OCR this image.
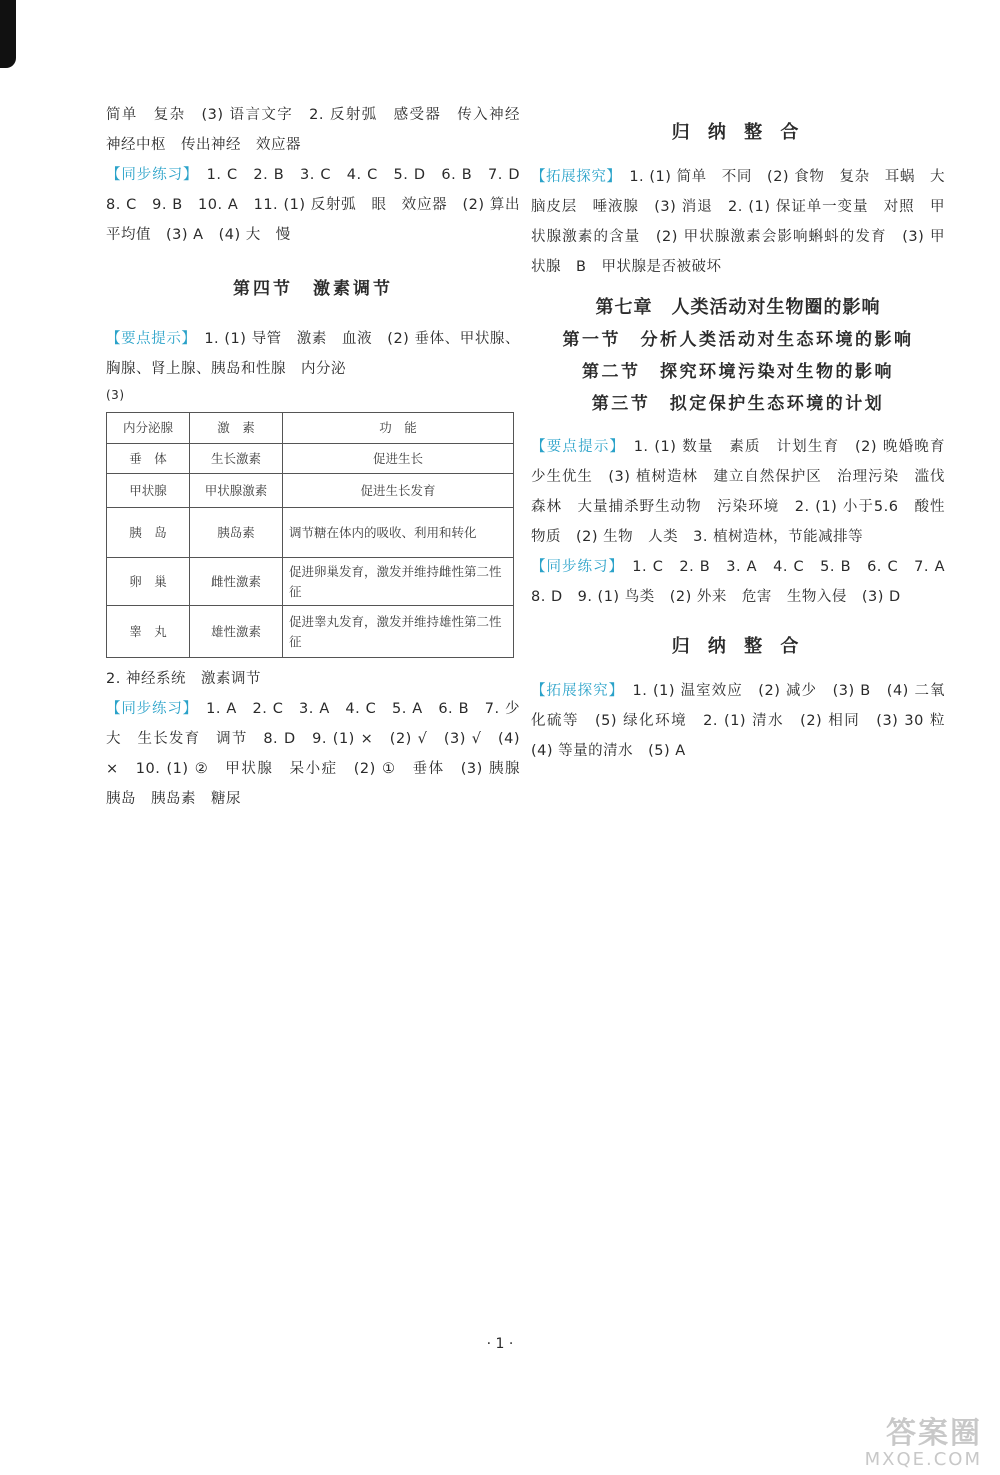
简单　复杂　(3) 语言文字　2. 反射弧　感受器　传入神经　神经中枢　传出神经　效应器

【同步练习】　1. C　2. B　3. C　4. C　5. D　6. B　7. D　8. C　9. B　10. A　11. (1) 反射弧　眼　效应器　(2) 算出平均值　(3) A　(4) 大　慢

第四节　激素调节

【要点提示】　1. (1) 导管　激素　血液　(2) 垂体、甲状腺、胸腺、肾上腺、胰岛和性腺　内分泌

(3)

内分泌腺	激　素	功　能
垂　体	生长激素	促进生长
甲状腺	甲状腺激素	促进生长发育
胰　岛	胰岛素	调节糖在体内的吸收、利用和转化
卵　巢	雌性激素	促进卵巢发育，激发并维持雌性第二性征
睾　丸	雄性激素	促进睾丸发育，激发并维持雄性第二性征

2. 神经系统　激素调节

【同步练习】　1. A　2. C　3. A　4. C　5. A　6. B　7. 少　大　生长发育　调节　8. D　9. (1) ×　(2) √　(3) √　(4) ×　10. (1) ②　甲状腺　呆小症　(2) ①　垂体　(3) 胰腺　胰岛　胰岛素　糖尿

归 纳 整 合

【拓展探究】　1. (1) 简单　不同　(2) 食物　复杂　耳蜗　大脑皮层　唾液腺　(3) 消退　2. (1) 保证单一变量　对照　甲状腺激素的含量　(2) 甲状腺激素会影响蝌蚪的发育　(3) 甲状腺　B　甲状腺是否被破坏

第七章　人类活动对生物圈的影响
第一节　分析人类活动对生态环境的影响
第二节　探究环境污染对生物的影响
第三节　拟定保护生态环境的计划

【要点提示】　1. (1) 数量　素质　计划生育　(2) 晚婚晚育　少生优生　(3) 植树造林　建立自然保护区　治理污染　滥伐森林　大量捕杀野生动物　污染环境　2. (1) 小于5.6　酸性物质　(2) 生物　人类　3. 植树造林，节能减排等

【同步练习】　1. C　2. B　3. A　4. C　5. B　6. C　7. A　8. D　9. (1) 鸟类　(2) 外来　危害　生物入侵　(3) D

归 纳 整 合

【拓展探究】　1. (1) 温室效应　(2) 减少　(3) B　(4) 二氧化硫等　(5) 绿化环境　2. (1) 清水　(2) 相同　(3) 30 粒　(4) 等量的清水　(5) A

· 1 ·
答案圈
MXQE.COM
